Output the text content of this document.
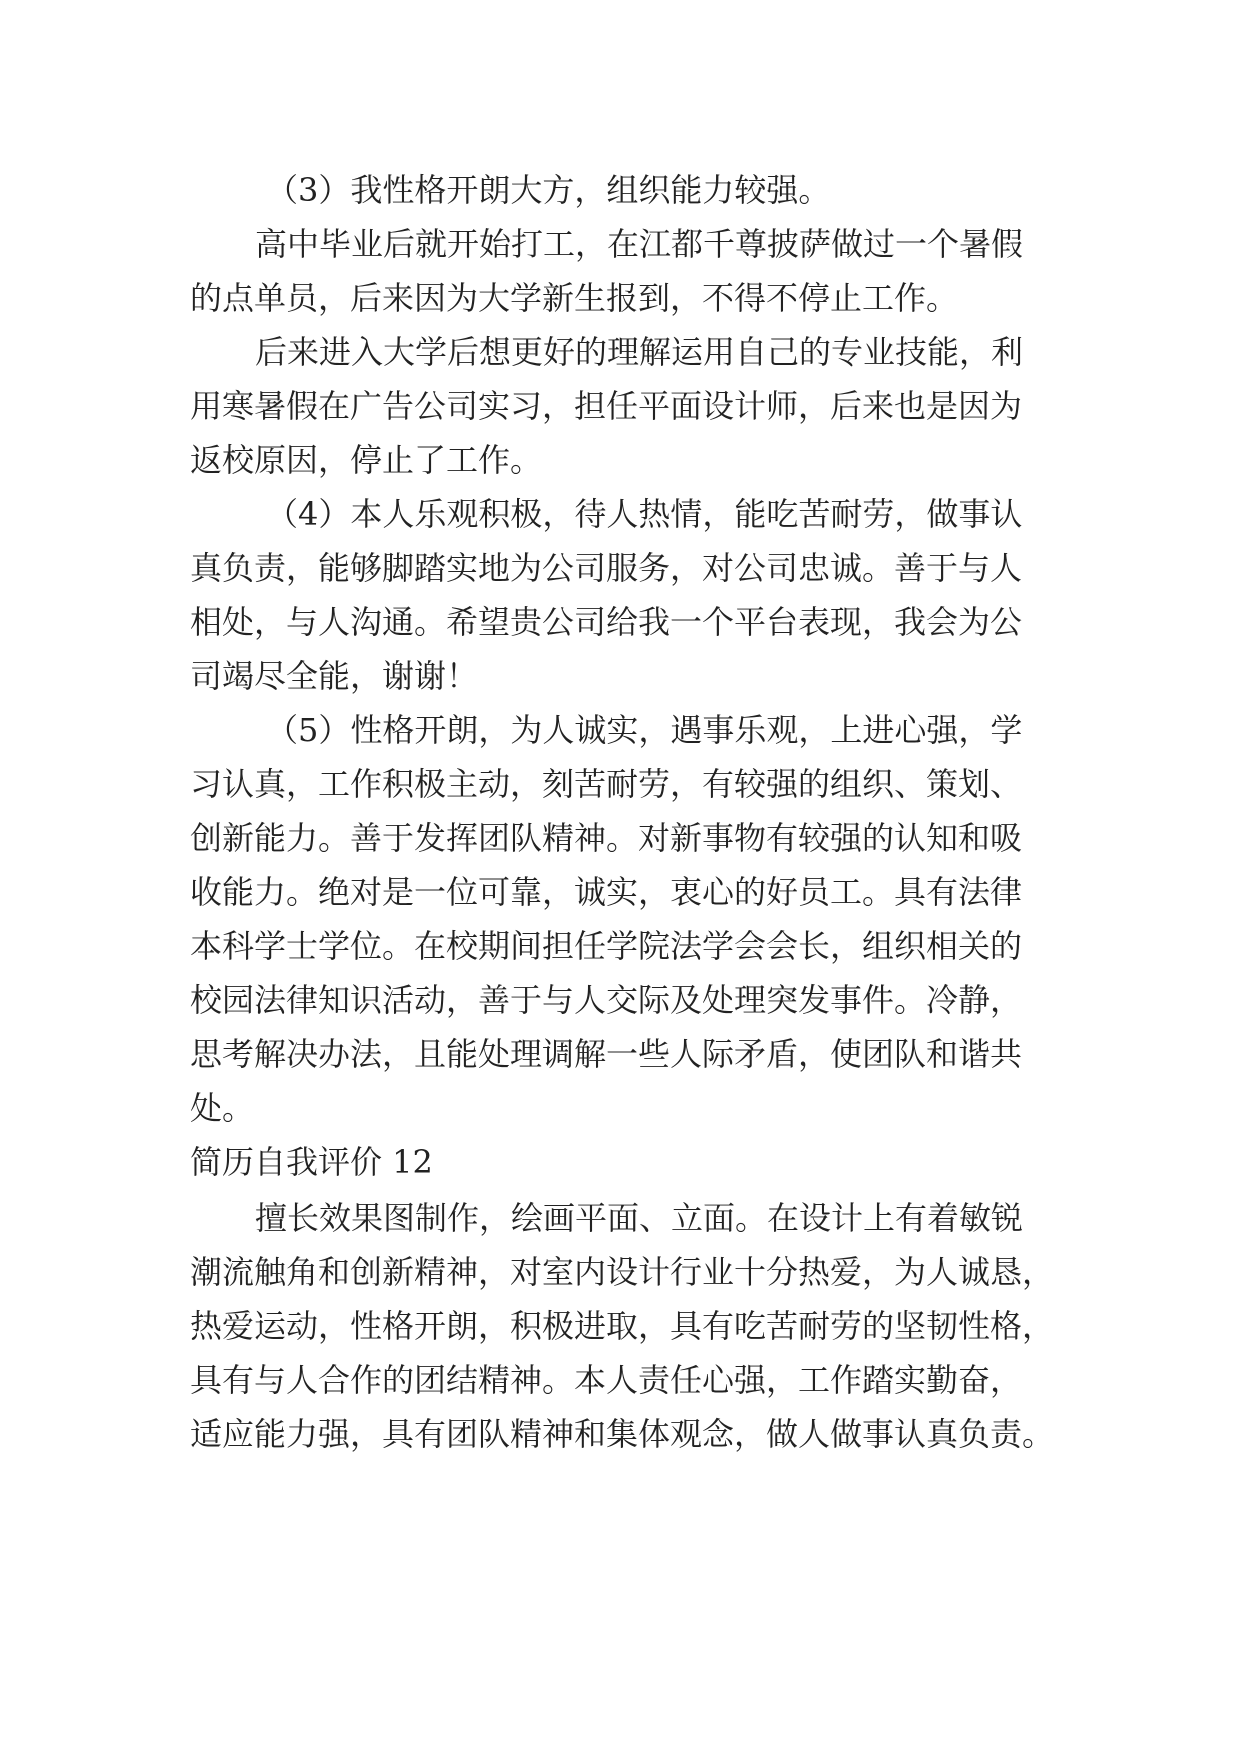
（3）我性格开朗大方，组织能力较强。

高中毕业后就开始打工，在江都千尊披萨做过一个暑假

的点单员，后来因为大学新生报到，不得不停止工作。

后来进入大学后想更好的理解运用自己的专业技能，利

用寒暑假在广告公司实习，担任平面设计师，后来也是因为

返校原因，停止了工作。

（4）本人乐观积极，待人热情，能吃苦耐劳，做事认

真负责，能够脚踏实地为公司服务，对公司忠诚。善于与人

相处，与人沟通。希望贵公司给我一个平台表现，我会为公

司竭尽全能，谢谢！

（5）性格开朗，为人诚实，遇事乐观，上进心强，学

习认真，工作积极主动，刻苦耐劳，有较强的组织、策划、

创新能力。善于发挥团队精神。对新事物有较强的认知和吸

收能力。绝对是一位可靠，诚实，衷心的好员工。具有法律

本科学士学位。在校期间担任学院法学会会长，组织相关的

校园法律知识活动，善于与人交际及处理突发事件。冷静，

思考解决办法，且能处理调解一些人际矛盾，使团队和谐共

处。

简历自我评价 12

擅长效果图制作，绘画平面、立面。在设计上有着敏锐

潮流触角和创新精神，对室内设计行业十分热爱，为人诚恳，

热爱运动，性格开朗，积极进取，具有吃苦耐劳的坚韧性格，

具有与人合作的团结精神。本人责任心强，工作踏实勤奋，

适应能力强，具有团队精神和集体观念，做人做事认真负责。
